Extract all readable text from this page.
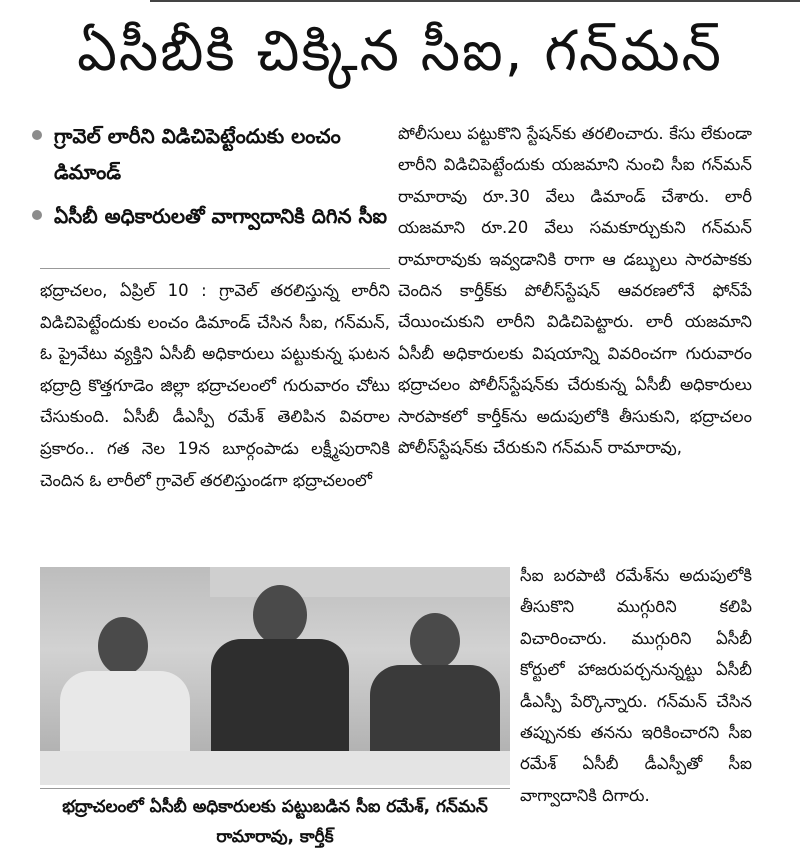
ఏసీబీకి చిక్కిన సీఐ, గన్‌మన్
గ్రావెల్ లారీని విడిచిపెట్టేందుకు లంచం డిమాండ్
ఏసీబీ అధికారులతో వాగ్వాదానికి దిగిన సీఐ

భద్రాచలం, ఏప్రిల్ 10 : గ్రావెల్ తరలిస్తున్న లారీని విడిచిపెట్టేందుకు లంచం డిమాండ్ చేసిన సీఐ, గన్‌మన్, ఓ ప్రైవేటు వ్యక్తిని ఏసీబీ అధికారులు పట్టుకున్న ఘటన భద్రాద్రి కొత్తగూడెం జిల్లా భద్రాచలంలో గురువారం చోటు చేసుకుంది. ఏసీబీ డీఎస్పీ రమేశ్ తెలిపిన వివరాల ప్రకారం.. గత నెల 19న బూర్గంపాడు లక్ష్మీపురానికి చెందిన ఓ లారీలో గ్రావెల్ తరలిస్తుండగా భద్రాచలంలో

పోలీసులు పట్టుకొని స్టేషన్‌కు తరలించారు. కేసు లేకుండా లారీని విడిచిపెట్టేందుకు యజమాని నుంచి సీఐ గన్‌మన్ రామారావు రూ.30 వేలు డిమాండ్ చేశారు. లారీ యజమాని రూ.20 వేలు సమకూర్చుకుని గన్‌మన్ రామారావుకు ఇవ్వడానికి రాగా ఆ డబ్బులు సారపాకకు చెందిన కార్తీక్‌కు పోలీస్‌స్టేషన్ ఆవరణలోనే ఫోన్‌పే చేయించుకుని లారీని విడిచిపెట్టారు. లారీ యజమాని ఏసీబీ అధికారులకు విషయాన్ని వివరించగా గురువారం భద్రాచలం పోలీస్‌స్టేషన్‌కు చేరుకున్న ఏసీబీ అధికారులు సారపాకలో కార్తీక్‌ను అదుపులోకి తీసుకుని, భద్రాచలం పోలీస్‌స్టేషన్‌కు చేరుకుని గన్‌మన్ రామారావు,

సీఐ బరపాటి రమేశ్‌ను అదుపులోకి తీసుకొని ముగ్గురిని కలిపి విచారించారు. ముగ్గురిని ఏసీబీ కోర్టులో హాజరుపర్చనున్నట్టు ఏసీబీ డీఎస్పీ పేర్కొన్నారు. గన్‌మన్ చేసిన తప్పునకు తనను ఇరికించారని సీఐ రమేశ్ ఏసీబీ డీఎస్పీతో సీఐ వాగ్వాదానికి దిగారు.

భద్రాచలంలో ఏసీబీ అధికారులకు పట్టుబడిన సీఐ రమేశ్, గన్‌మన్ రామారావు, కార్తీక్
